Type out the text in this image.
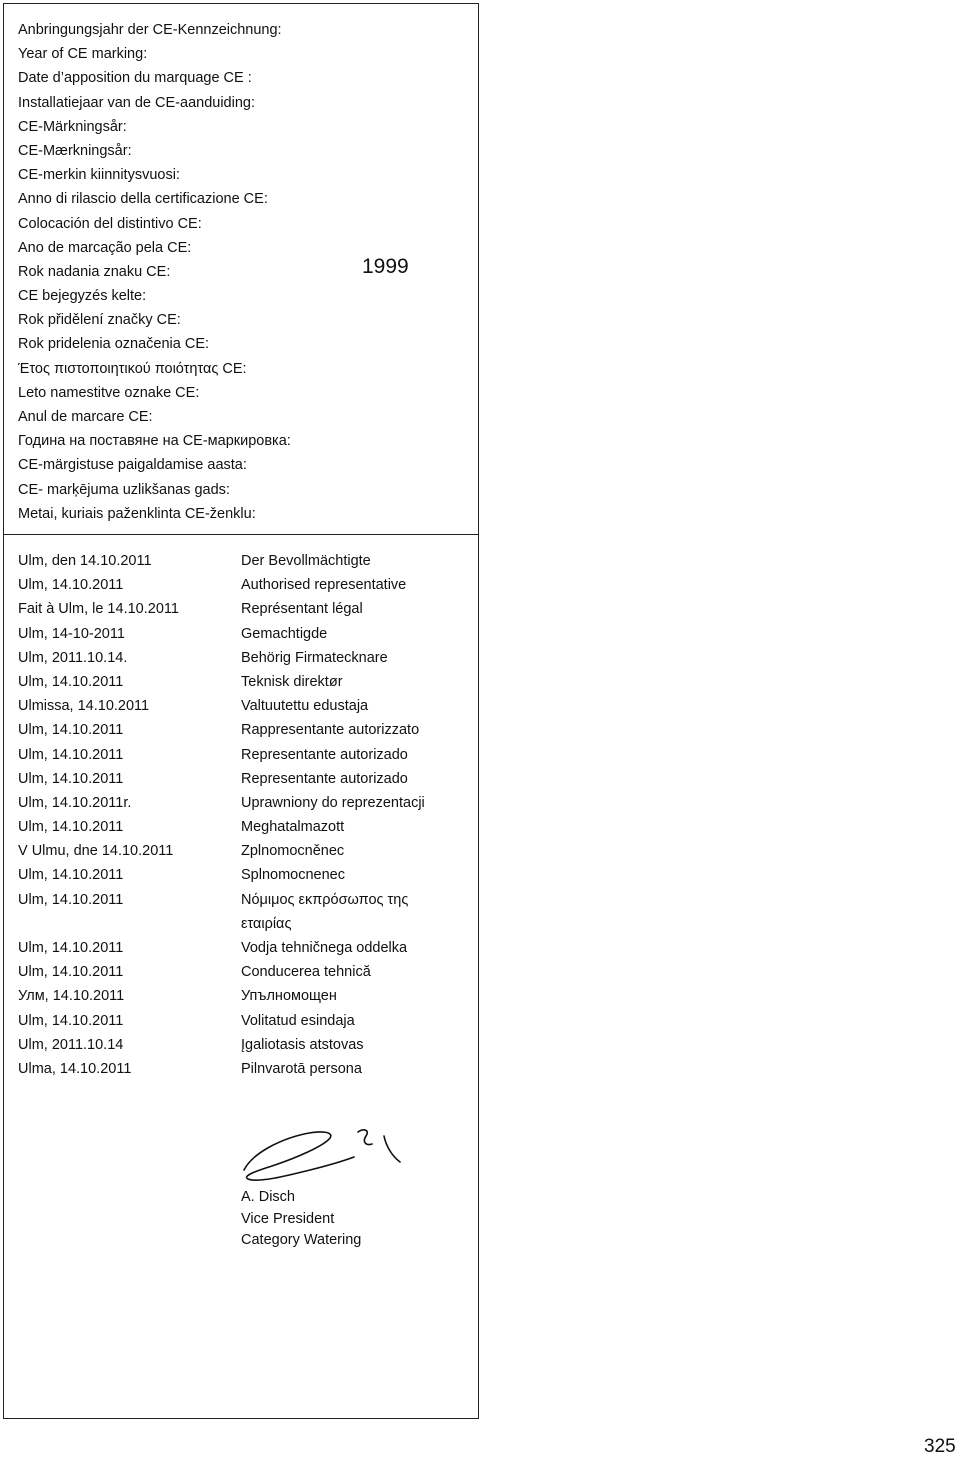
Anbringungsjahr der CE-Kennzeichnung:
Year of CE marking:
Date d’apposition du marquage CE :
Installatiejaar van de CE-aanduiding:
CE-Märkningsår:
CE-Mærkningsår:
CE-merkin kiinnitysvuosi:
Anno di rilascio della certificazione CE:
Colocación del distintivo CE:
Ano de marcação pela CE:
Rok nadania znaku CE:
CE bejegyzés kelte:
Rok přidělení značky CE:
Rok pridelenia označenia CE:
Έτος πιστοποιητικού ποιότητας CE:
Leto namestitve oznake CE:
Anul de marcare CE:
Година на поставяне на CE-маркировка:
CE-märgistuse paigaldamise aasta:
CE- marķējuma uzlikšanas gads:
Metai, kuriais paženklinta CE-ženklu:
1999
Ulm, den 14.10.2011
Ulm, 14.10.2011
Fait à Ulm, le 14.10.2011
Ulm, 14-10-2011
Ulm, 2011.10.14.
Ulm, 14.10.2011
Ulmissa, 14.10.2011
Ulm, 14.10.2011
Ulm, 14.10.2011
Ulm, 14.10.2011
Ulm, 14.10.2011r.
Ulm, 14.10.2011
V Ulmu, dne 14.10.2011
Ulm, 14.10.2011
Ulm, 14.10.2011
Ulm, 14.10.2011
Ulm, 14.10.2011
Улм, 14.10.2011
Ulm, 14.10.2011
Ulm, 2011.10.14
Ulma, 14.10.2011
Der Bevollmächtigte
Authorised representative
Représentant légal
Gemachtigde
Behörig Firmatecknare
Teknisk direktør
Valtuutettu edustaja
Rappresentante autorizzato
Representante autorizado
Representante autorizado
Uprawniony do reprezentacji
Meghatalmazott
Zplnomocněnec
Splnomocnenec
Νόμιμος εκπρόσωπος της
εταιρίας
Vodja tehničnega oddelka
Conducerea tehnică
Упълномощен
Volitatud esindaja
Įgaliotasis atstovas
Pilnvarotā persona
A. Disch
Vice President
Category Watering
325
